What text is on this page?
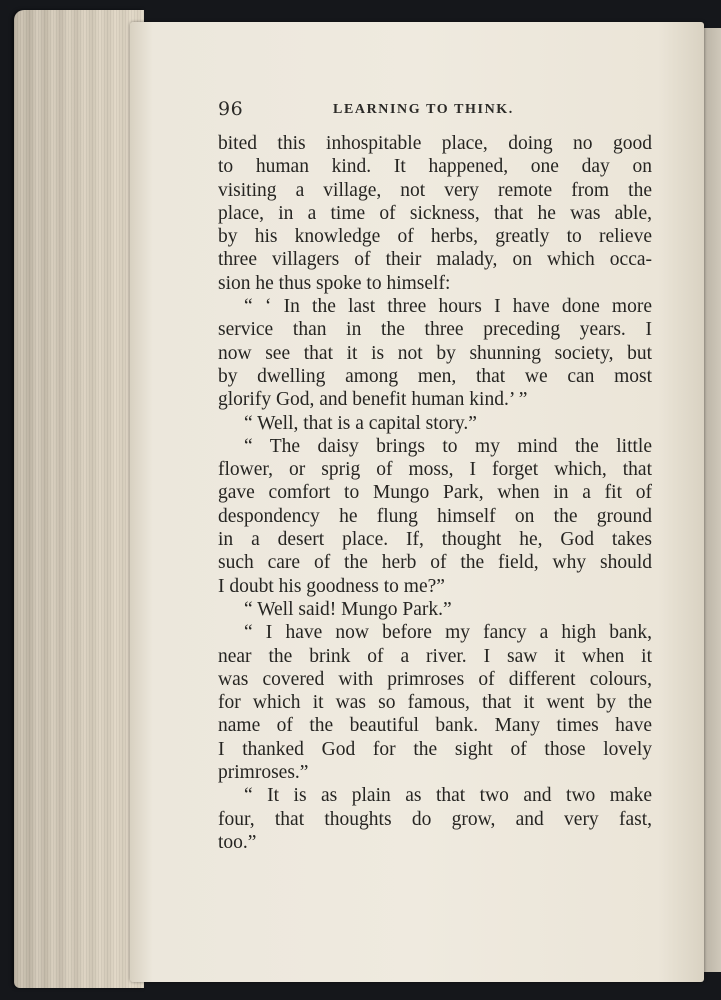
96	LEARNING TO THINK.
bited this inhospitable place, doing no good
to human kind. It happened, one day on
visiting a village, not very remote from the
place, in a time of sickness, that he was able,
by his knowledge of herbs, greatly to relieve
three villagers of their malady, on which occa-
sion he thus spoke to himself:
“ ‘ In the last three hours I have done more
service than in the three preceding years. I
now see that it is not by shunning society, but
by dwelling among men, that we can most
glorify God, and benefit human kind.’ ”
“ Well, that is a capital story.”
“ The daisy brings to my mind the little
flower, or sprig of moss, I forget which, that
gave comfort to Mungo Park, when in a fit of
despondency he flung himself on the ground
in a desert place. If, thought he, God takes
such care of the herb of the field, why should
I doubt his goodness to me?”
“ Well said! Mungo Park.”
“ I have now before my fancy a high bank,
near the brink of a river. I saw it when it
was covered with primroses of different colours,
for which it was so famous, that it went by the
name of the beautiful bank. Many times have
I thanked God for the sight of those lovely
primroses.”
“ It is as plain as that two and two make
four, that thoughts do grow, and very fast,
too.”
